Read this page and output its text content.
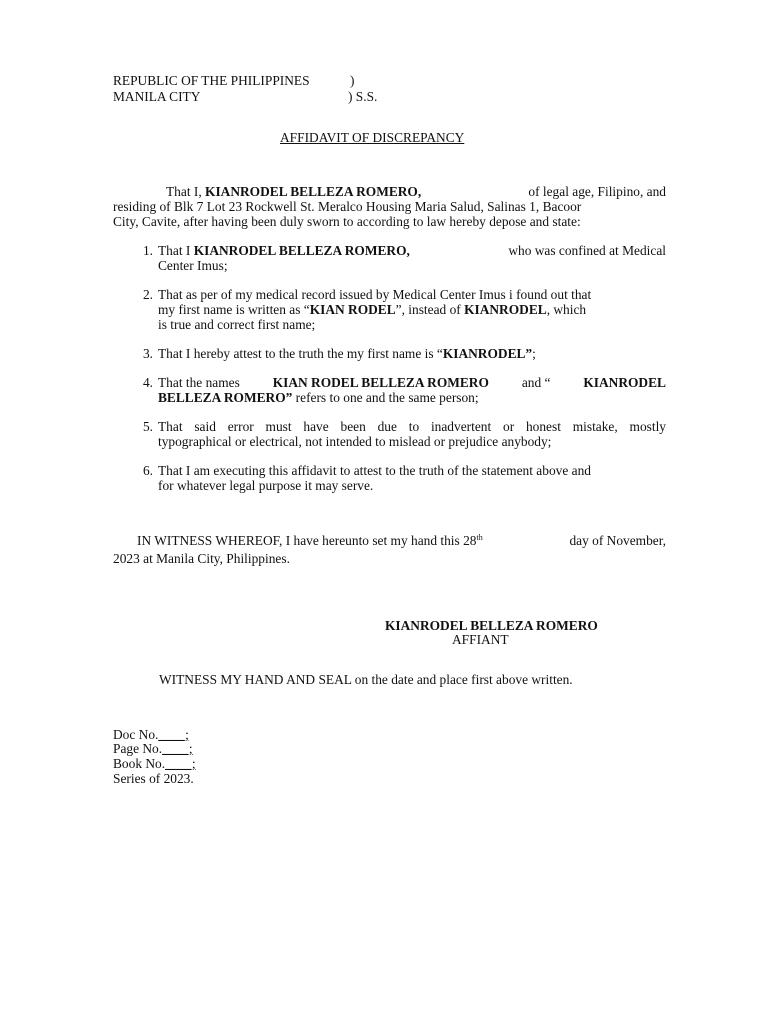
REPUBLIC OF THE PHILIPPINES	)
MANILA CITY	) S.S.
AFFIDAVIT OF DISCREPANCY
That I, KIANRODEL BELLEZA ROMERO,	of legal age, Filipino, and
residing of Blk 7 Lot 23 Rockwell St. Meralco Housing Maria Salud, Salinas 1, Bacoor
City, Cavite, after having been duly sworn to according to law hereby depose and state:
1. That I KIANRODEL BELLEZA ROMERO,	who was confined at Medical
Center Imus;
2. That as per of my medical record issued by Medical Center Imus i found out that
my first name is written as “KIAN RODEL”, instead of KIANRODEL, which
is true and correct first name;
3. That I hereby attest to the truth the my first name is “KIANRODEL”;
4. That the names KIAN RODEL BELLEZA ROMERO and “ KIANRODEL
BELLEZA ROMERO” refers to one and the same person;
5. That said error must have been due to inadvertent or honest mistake, mostly
typographical or electrical, not intended to mislead or prejudice anybody;
6. That I am executing this affidavit to attest to the truth of the statement above and
for whatever legal purpose it may serve.
IN WITNESS WHEREOF, I have hereunto set my hand this 28th	day of November,
2023 at Manila City, Philippines.
KIANRODEL BELLEZA ROMERO
AFFIANT
WITNESS MY HAND AND SEAL on the date and place first above written.
Doc No.____;
Page No.____;
Book No.____;
Series of 2023.
